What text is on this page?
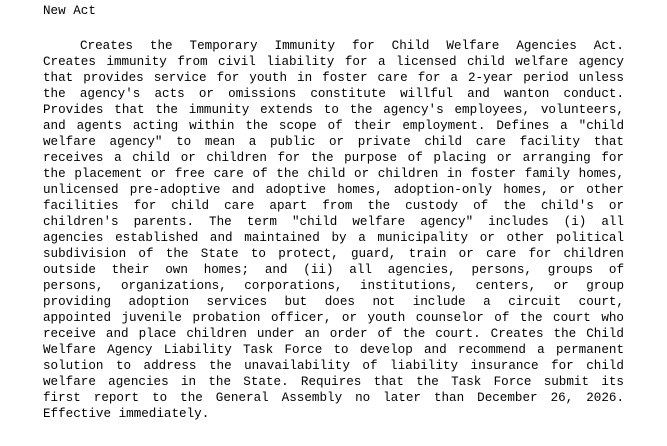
New Act
Creates the Temporary Immunity for Child Welfare Agencies Act.
Creates immunity from civil liability for a licensed child welfare agency
that provides service for youth in foster care for a 2-year period unless
the agency's acts or omissions constitute willful and wanton conduct.
Provides that the immunity extends to the agency's employees, volunteers,
and agents acting within the scope of their employment. Defines a "child
welfare agency" to mean a public or private child care facility that
receives a child or children for the purpose of placing or arranging for
the placement or free care of the child or children in foster family homes,
unlicensed pre-adoptive and adoptive homes, adoption-only homes, or other
facilities for child care apart from the custody of the child's or
children's parents. The term "child welfare agency" includes (i) all
agencies established and maintained by a municipality or other political
subdivision of the State to protect, guard, train or care for children
outside their own homes; and (ii) all agencies, persons, groups of
persons, organizations, corporations, institutions, centers, or group
providing adoption services but does not include a circuit court,
appointed juvenile probation officer, or youth counselor of the court who
receive and place children under an order of the court. Creates the Child
Welfare Agency Liability Task Force to develop and recommend a permanent
solution to address the unavailability of liability insurance for child
welfare agencies in the State. Requires that the Task Force submit its
first report to the General Assembly no later than December 26, 2026.
Effective immediately.
